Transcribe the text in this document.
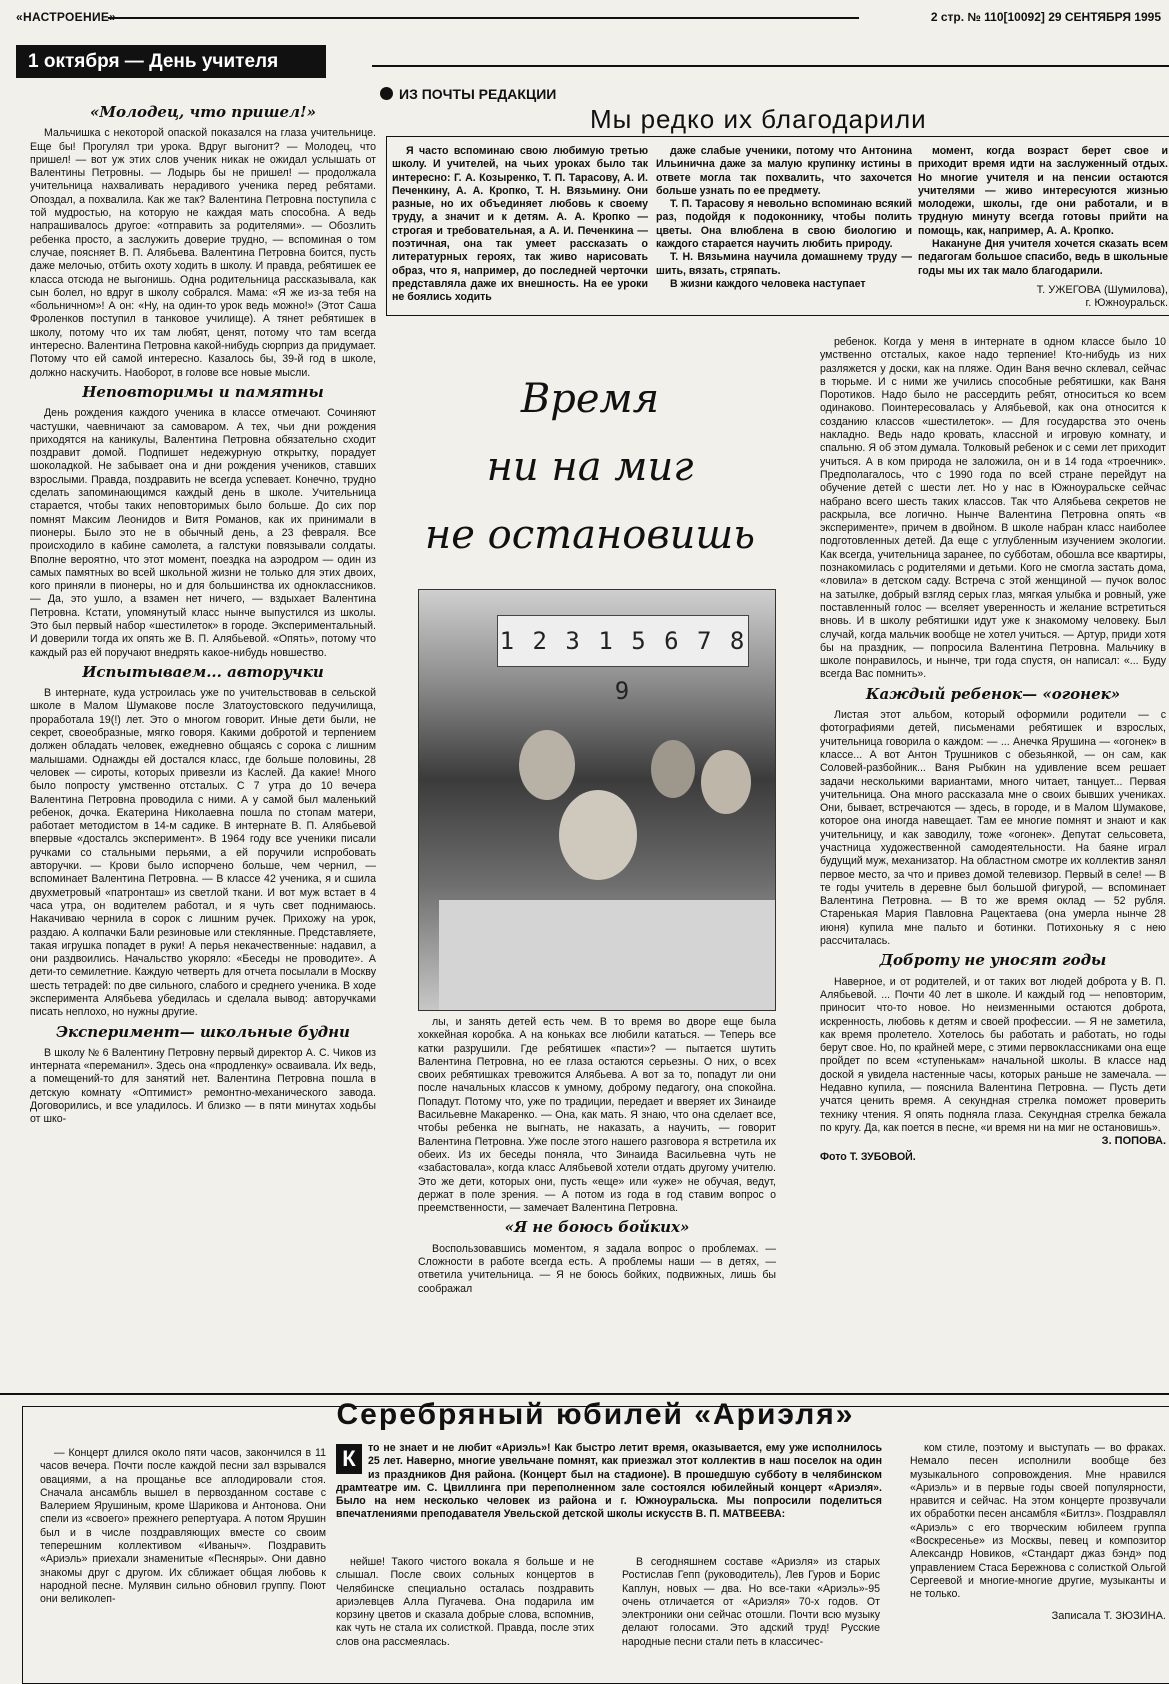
«НАСТРОЕНИЕ»	2 стр. № 110[10092] 29 СЕНТЯБРЯ 1995
1 октября — День учителя
ИЗ ПОЧТЫ РЕДАКЦИИ
Мы редко их благодарили

Я часто вспоминаю свою любимую третью школу. И учителей, на чьих уроках было так интересно: Г. А. Козыренко, Т. П. Тарасову, А. И. Печенкину, А. А. Кропко, Т. Н. Вязьмину. Они разные, но их объединяет любовь к своему труду, а значит и к детям. А. А. Кропко — строгая и требовательная, а А. И. Печенкина — поэтичная, она так умеет рассказать о литературных героях, так живо нарисовать образ, что я, например, до последней черточки представляла даже их внешность. На ее уроки не боялись ходить

даже слабые ученики, потому что Антонина Ильинична даже за малую крупинку истины в ответе могла так похвалить, что захочется больше узнать по ее предмету.

Т. П. Тарасову я невольно вспоминаю всякий раз, подойдя к подоконнику, чтобы полить цветы. Она влюблена в свою биологию и каждого старается научить любить природу.

Т. Н. Вязьмина научила домашнему труду — шить, вязать, стряпать.

В жизни каждого человека наступает

момент, когда возраст берет свое и приходит время идти на заслуженный отдых. Но многие учителя и на пенсии остаются учителями — живо интересуются жизнью молодежи, школы, где они работали, и в трудную минуту всегда готовы прийти на помощь, как, например, А. А. Кропко.

Накануне Дня учителя хочется сказать всем педагогам большое спасибо, ведь в школьные годы мы их так мало благодарили.

Т. УЖЕГОВА (Шумилова),
г. Южноуральск.
«Молодец, что пришел!»

Мальчишка с некоторой опаской показался на глаза учительнице. Еще бы! Прогулял три урока. Вдруг выгонит? — Молодец, что пришел! — вот уж этих слов ученик никак не ожидал услышать от Валентины Петровны. — Лодырь бы не пришел! — продолжала учительница нахваливать нерадивого ученика перед ребятами. Опоздал, а похвалила. Как же так? Валентина Петровна поступила с той мудростью, на которую не каждая мать способна. А ведь напрашивалось другое: «отправить за родителями». — Обозлить ребенка просто, а заслужить доверие трудно, — вспоминая о том случае, поясняет В. П. Алябьева. Валентина Петровна боится, пусть даже мелочью, отбить охоту ходить в школу. И правда, ребятишек ее класса отсюда не выгонишь. Одна родительница рассказывала, как сын болел, но вдруг в школу собрался. Мама: «Я же из-за тебя на «больничном»! А он: «Ну, на один-то урок ведь можно!» (Этот Саша Фроленков поступил в танковое училище). А тянет ребятишек в школу, потому что их там любят, ценят, потому что там всегда интересно. Валентина Петровна какой-нибудь сюрприз да придумает. Потому что ей самой интересно. Казалось бы, 39-й год в школе, должно наскучить. Наоборот, в голове все новые мысли.

Неповторимы и памятны

День рождения каждого ученика в классе отмечают. Сочиняют частушки, чаевничают за самоваром. А тех, чьи дни рождения приходятся на каникулы, Валентина Петровна обязательно сходит поздравит домой. Подпишет недежурную открытку, порадует шоколадкой. Не забывает она и дни рождения учеников, ставших взрослыми. Правда, поздравить не всегда успевает. Конечно, трудно сделать запоминающимся каждый день в школе. Учительница старается, чтобы таких неповторимых было больше. До сих пор помнят Максим Леонидов и Витя Романов, как их принимали в пионеры. Было это не в обычный день, а 23 февраля. Все происходило в кабине самолета, а галстуки повязывали солдаты. Вполне вероятно, что этот момент, поездка на аэродром — один из самых памятных во всей школьной жизни не только для этих двоих, кого приняли в пионеры, но и для большинства их одноклассников. — Да, это ушло, а взамен нет ничего, — вздыхает Валентина Петровна. Кстати, упомянутый класс нынче выпустился из школы. Это был первый набор «шестилеток» в городе. Экспериментальный. И доверили тогда их опять же В. П. Алябьевой. «Опять», потому что каждый раз ей поручают внедрять какое-нибудь новшество.

Испытываем... авторучки

В интернате, куда устроилась уже по учительствовав в сельской школе в Малом Шумакове после Златоустовского педучилища, проработала 19(!) лет. Это о многом говорит. Иные дети были, не секрет, своеобразные, мягко говоря. Какими добротой и терпением должен обладать человек, ежедневно общаясь с сорока с лишним малышами. Однажды ей достался класс, где больше половины, 28 человек — сироты, которых привезли из Каслей. Да какие! Много было попросту умственно отсталых. С 7 утра до 10 вечера Валентина Петровна проводила с ними. А у самой был маленький ребенок, дочка. Екатерина Николаевна пошла по стопам матери, работает методистом в 14-м садике. В интернате В. П. Алябьевой впервые «досталсь эксперимент». В 1964 году все ученики писали ручками со стальными перьями, а ей поручили испробовать авторучки. — Крови было испорчено больше, чем чернил, — вспоминает Валентина Петровна. — В классе 42 ученика, я и сшила двухметровый «патронташ» из светлой ткани. И вот муж встает в 4 часа утра, он водителем работал, и я чуть свет поднимаюсь. Накачиваю чернила в сорок с лишним ручек. Прихожу на урок, раздаю. А колпачки Бали резиновые или стеклянные. Представляете, такая игрушка попадет в руки! А перья некачественные: надавил, а они раздвоились. Начальство укоряло: «Беседы не проводите». А дети-то семилетние. Каждую четверть для отчета посылали в Москву шесть тетрадей: по две сильного, слабого и среднего ученика. В ходе эксперимента Алябьева убедилась и сделала вывод: авторучками писать неплохо, но нужны другие.

Эксперимент— школьные будни

В школу № 6 Валентину Петровну первый директор А. С. Чиков из интерната «переманил». Здесь она «продленку» осваивала. Их ведь, а помещений-то для занятий нет. Валентина Петровна пошла в детскую комнату «Оптимист» ремонтно-механического завода. Договорились, и все уладилось. И близко — в пяти минутах ходьбы от шко-

Время
ни на миг
не остановишь
1 2 3 1 5 6 7 8 9

лы, и занять детей есть чем. В то время во дворе еще была хоккейная коробка. А на коньках все любили кататься. — Теперь все катки разрушили. Где ребятишек «пасти»? — пытается шутить Валентина Петровна, но ее глаза остаются серьезны. О них, о всех своих ребятишках тревожится Алябьева. А вот за то, попадут ли они после начальных классов к умному, доброму педагогу, она спокойна. Попадут. Потому что, уже по традиции, передает и вверяет их Зинаиде Васильевне Макаренко. — Она, как мать. Я знаю, что она сделает все, чтобы ребенка не выгнать, не наказать, а научить, — говорит Валентина Петровна. Уже после этого нашего разговора я встретила их обеих. Из их беседы поняла, что Зинаида Васильевна чуть не «забастовала», когда класс Алябьевой хотели отдать другому учителю. Это же дети, которых они, пусть «еще» или «уже» не обучая, ведут, держат в поле зрения. — А потом из года в год ставим вопрос о преемственности, — замечает Валентина Петровна.

«Я не боюсь бойких»

Воспользовавшись моментом, я задала вопрос о проблемах. — Сложности в работе всегда есть. А проблемы наши — в детях, — ответила учительница. — Я не боюсь бойких, подвижных, лишь бы соображал

ребенок. Когда у меня в интернате в одном классе было 10 умственно отсталых, какое надо терпение! Кто-нибудь из них разляжется у доски, как на пляже. Один Ваня вечно склевал, сейчас в тюрьме. И с ними же учились способные ребятишки, как Ваня Поротиков. Надо было не рассердить ребят, относиться ко всем одинаково. Поинтересовалась у Алябьевой, как она относится к созданию классов «шестилеток». — Для государства это очень накладно. Ведь надо кровать, классной и игровую комнату, и спальню. Я об этом думала. Толковый ребенок и с семи лет приходит учиться. А в ком природа не заложила, он и в 14 года «троечник». Предполагалось, что с 1990 года по всей стране перейдут на обучение детей с шести лет. Но у нас в Южноуральске сейчас набрано всего шесть таких классов. Так что Алябьева секретов не раскрыла, все логично. Нынче Валентина Петровна опять «в эксперименте», причем в двойном. В школе набран класс наиболее подготовленных детей. Да еще с углубленным изучением экологии. Как всегда, учительница заранее, по субботам, обошла все квартиры, познакомилась с родителями и детьми. Кого не смогла застать дома, «ловила» в детском саду. Встреча с этой женщиной — пучок волос на затылке, добрый взгляд серых глаз, мягкая улыбка и ровный, уже поставленный голос — вселяет уверенность и желание встретиться вновь. И в школу ребятишки идут уже к знакомому человеку. Был случай, когда мальчик вообще не хотел учиться. — Артур, приди хотя бы на праздник, — попросила Валентина Петровна. Мальчику в школе понравилось, и нынче, три года спустя, он написал: «... Буду всегда Вас помнить».

Каждый ребенок— «огонек»

Листая этот альбом, который оформили родители — с фотографиями детей, письменами ребятишек и взрослых, учительница говорила о каждом: — ... Анечка Ярушина — «огонек» в классе... А вот Антон Трушников с обезьянкой, — он сам, как Соловей-разбойник... Ваня Рыбкин на удивление всем решает задачи несколькими вариантами, много читает, танцует... Первая учительница. Она много рассказала мне о своих бывших учениках. Они, бывает, встречаются — здесь, в городе, и в Малом Шумакове, которое она иногда навещает. Там ее многие помнят и знают и как учительницу, и как заводилу, тоже «огонек». Депутат сельсовета, участница художественной самодеятельности. На баяне играл будущий муж, механизатор. На областном смотре их коллектив занял первое место, за что и привез домой телевизор. Первый в селе! — В те годы учитель в деревне был большой фигурой, — вспоминает Валентина Петровна. — В то же время оклад — 52 рубля. Старенькая Мария Павловна Рацектаева (она умерла нынче 28 июня) купила мне пальто и ботинки. Потихоньку я с нею рассчиталась.

Доброту не уносят годы

Наверное, и от родителей, и от таких вот людей доброта у В. П. Алябьевой. ... Почти 40 лет в школе. И каждый год — неповторим, приносит что-то новое. Но неизменными остаются доброта, искренность, любовь к детям и своей профессии. — Я не заметила, как время пролетело. Хотелось бы работать и работать, но годы берут свое. Но, по крайней мере, с этими первоклассниками она еще пройдет по всем «ступенькам» начальной школы. В классе над доской я увидела настенные часы, которых раньше не замечала. — Недавно купила, — пояснила Валентина Петровна. — Пусть дети учатся ценить время. А секундная стрелка поможет проверить технику чтения. Я опять подняла глаза. Секундная стрелка бежала по кругу. Да, как поется в песне, «и время ни на миг не остановишь».

З. ПОПОВА.
Фото Т. ЗУБОВОЙ.
Серебряный юбилей «Ариэля»

— Концерт длился около пяти часов, закончился в 11 часов вечера. Почти после каждой песни зал взрывался овациями, а на прощанье все аплодировали стоя. Сначала ансамбль вышел в первозданном составе с Валерием Ярушиным, кроме Шарикова и Антонова. Они спели из «своего» прежнего репертуара. А потом Ярушин был и в числе поздравляющих вместе со своим теперешним коллективом «Иваныч». Поздравить «Ариэль» приехали знаменитые «Песняры». Они давно знакомы друг с другом. Их сближает общая любовь к народной песне. Мулявин сильно обновил группу. Поют они великолеп-

К	то не знает и не любит «Ариэль»! Как быстро летит время, оказывается, ему уже исполнилось 25 лет. Наверно, многие увельчане помнят, как приезжал этот коллектив в наш поселок на один из праздников Дня района. (Концерт был на стадионе). В прошедшую субботу в челябинском драмтеатре им. С. Цвиллинга при переполненном зале состоялся юбилейный концерт «Ариэля». Было на нем несколько человек из района и г. Южноуральска. Мы попросили поделиться впечатлениями преподавателя Увельской детской школы искусств В. П. МАТВЕЕВА:

нейше! Такого чистого вокала я больше и не слышал. После своих сольных концертов в Челябинске специально осталась поздравить ариэлевцев Алла Пугачева. Она подарила им корзину цветов и сказала добрые слова, вспомнив, как чуть не стала их солисткой. Правда, после этих слов она рассмеялась.

В сегодняшнем составе «Ариэля» из старых Ростислав Гепп (руководитель), Лев Гуров и Борис Каплун, новых — два. Но все-таки «Ариэль»-95 очень отличается от «Ариэля» 70-х годов. От электроники они сейчас отошли. Почти всю музыку делают голосами. Это адский труд! Русские народные песни стали петь в классичес-

ком стиле, поэтому и выступать — во фраках. Немало песен исполнили вообще без музыкального сопровождения. Мне нравился «Ариэль» и в первые годы своей популярности, нравится и сейчас. На этом концерте прозвучали их обработки песен ансамбля «Битлз». Поздравлял «Ариэль» с его творческим юбилеем группа «Воскресенье» из Москвы, певец и композитор Александр Новиков, «Стандарт джаз бэнд» под управлением Стаса Бережнова с солисткой Ольгой Сергеевой и многие-многие другие, музыканты и не только.

Записала Т. ЗЮЗИНА.
